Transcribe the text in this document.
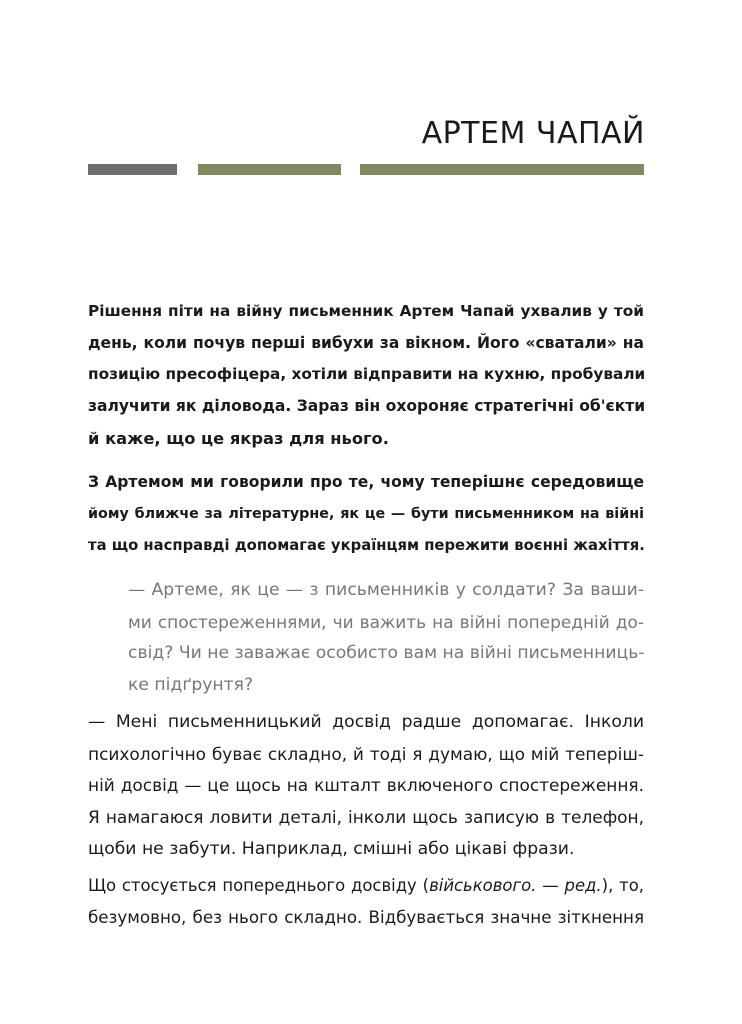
АРТЕМ ЧАПАЙ
Рішення піти на війну письменник Артем Чапай ухвалив у той
день, коли почув перші вибухи за вікном. Його «сватали» на
позицію пресофіцера, хотіли відправити на кухню, пробували
залучити як діловода. Зараз він охороняє стратегічні об'єкти
й каже, що це якраз для нього.
З Артемом ми говорили про те, чому теперішнє середовище
йому ближче за літературне, як це — бути письменником на війні
та що насправді допомагає українцям пережити воєнні жахіття.
— Артеме, як це — з письменників у солдати? За ваши-
ми спостереженнями, чи важить на війні попередній до-
свід? Чи не заважає особисто вам на війні письменниць-
ке підґрунтя?
— Мені письменницький досвід радше допомагає. Інколи
психологічно буває складно, й тоді я думаю, що мій теперіш-
ній досвід — це щось на кшталт включеного спостереження.
Я намагаюся ловити деталі, інколи щось записую в телефон,
щоби не забути. Наприклад, смішні або цікаві фрази.
Що стосується попереднього досвіду (військового. — ред.), то,
безумовно, без нього складно. Відбувається значне зіткнення
